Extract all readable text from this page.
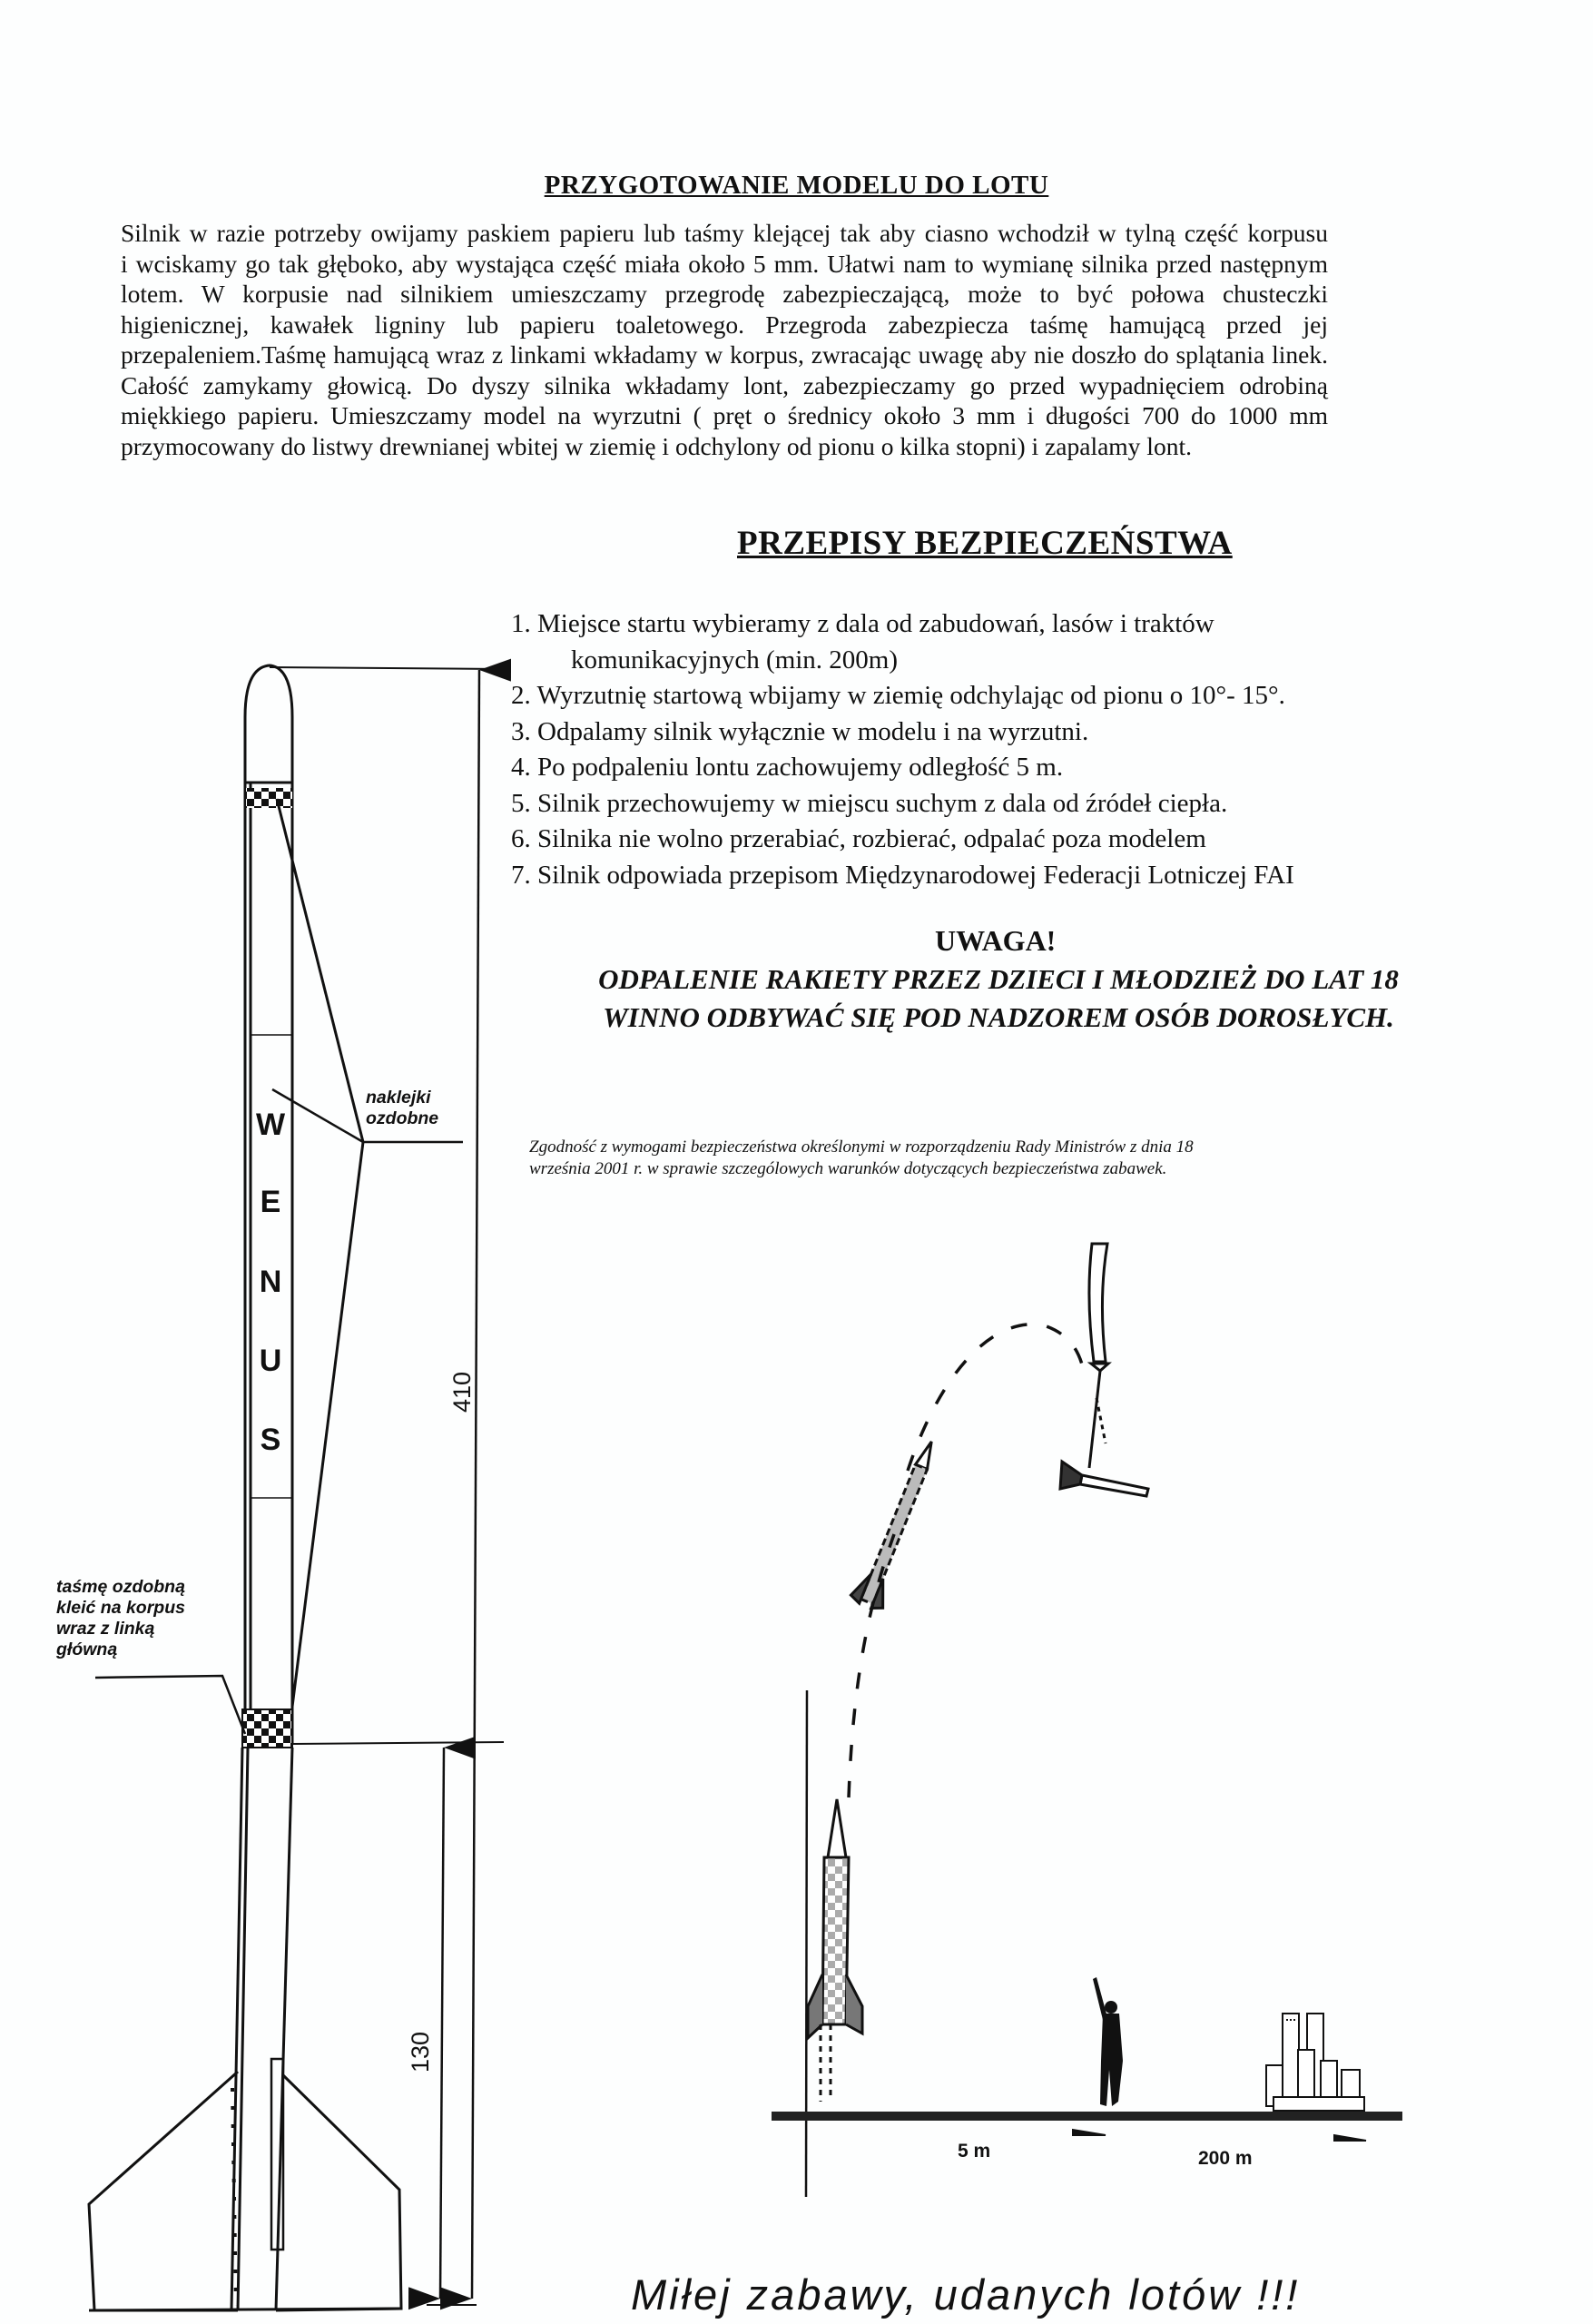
PRZYGOTOWANIE MODELU DO LOTU
Silnik w razie potrzeby owijamy paskiem papieru lub taśmy klejącej tak aby ciasno wchodził w tylną część korpusu
i wciskamy go tak głęboko, aby wystająca część miała około 5 mm. Ułatwi nam to wymianę silnika przed następnym
lotem. W korpusie nad silnikiem umieszczamy przegrodę zabezpieczającą, może to być połowa chusteczki
higienicznej, kawałek ligniny lub papieru toaletowego. Przegroda zabezpiecza taśmę hamującą przed jej
przepaleniem.Taśmę hamującą wraz z linkami wkładamy w korpus, zwracając uwagę aby nie doszło do splątania linek.
Całość zamykamy głowicą. Do dyszy silnika wkładamy lont, zabezpieczamy go przed wypadnięciem odrobiną
miękkiego papieru. Umieszczamy model na wyrzutni ( pręt o średnicy około 3 mm i długości 700 do 1000 mm
przymocowany do listwy drewnianej wbitej w ziemię i odchylony od pionu o kilka stopni) i zapalamy lont.
PRZEPISY BEZPIECZEŃSTWA
1. Miejsce startu wybieramy z dala od zabudowań, lasów i traktów
komunikacyjnych (min. 200m)
2. Wyrzutnię startową wbijamy w ziemię odchylając od pionu o 10°- 15°.
3. Odpalamy silnik wyłącznie w modelu i na wyrzutni.
4. Po podpaleniu lontu zachowujemy odległość 5 m.
5. Silnik przechowujemy w miejscu suchym z dala od źródeł ciepła.
6. Silnika nie wolno przerabiać, rozbierać, odpalać poza modelem
7. Silnik odpowiada przepisom Międzynarodowej Federacji Lotniczej FAI
UWAGA!
ODPALENIE RAKIETY PRZEZ DZIECI I MŁODZIEŻ DO LAT 18
WINNO ODBYWAĆ SIĘ POD NADZOREM OSÓB DOROSŁYCH.
Zgodność z wymogami bezpieczeństwa określonymi w rozporządzeniu Rady Ministrów z dnia 18
września 2001 r. w sprawie szczególowych warunków dotyczących bezpieczeństwa zabawek.
naklejki
ozdobne
taśmę ozdobną
kleić na korpus
wraz z linką
główną
W
E
N
U
S
410
130
5 m	200 m
Miłej zabawy, udanych lotów !!!
